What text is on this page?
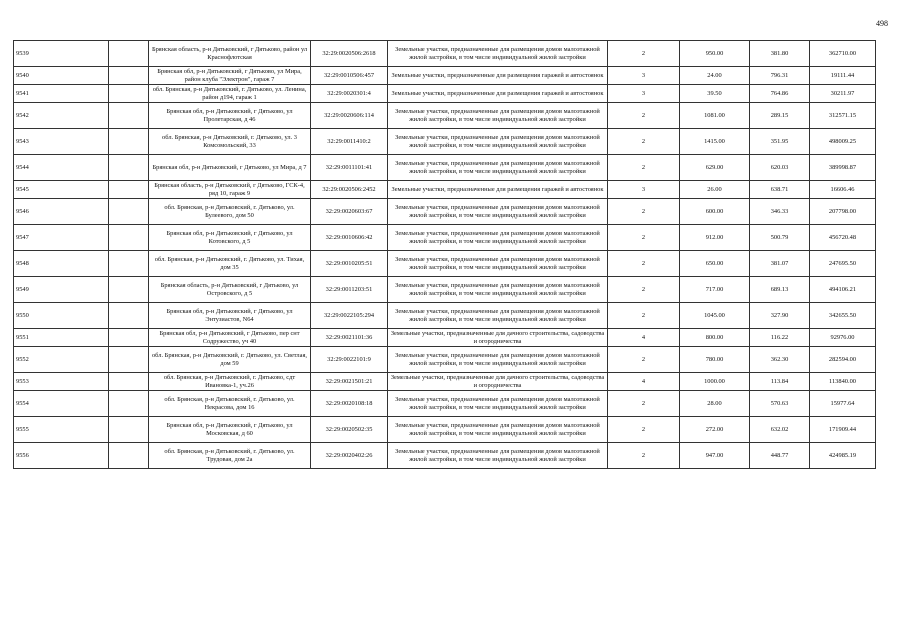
498
9539		Брянская область, р-н Дятьковский, г Дятьково, район ул Краснофлотская	32:29:0020506:2618	Земельные участки, предназначенные для размещения домов малоэтажной жилой застройки, в том числе индивидуальной жилой застройки	2	950.00	381.80	362710.00
9540		Брянская обл, р-н Дятьковский, г Дятьково, ул Мира, район клуба "Электрон", гараж 7	32:29:0010506:457	Земельные участки, предназначенные для размещения гаражей и автостоянок	3	24.00	796.31	19111.44
9541		обл. Брянская, р-н Дятьковский, г. Дятьково, ул. Ленина, район д194, гараж 1	32:29:0020301:4	Земельные участки, предназначенные для размещения гаражей и автостоянок	3	39.50	764.86	30211.97
9542		Брянская обл, р-н Дятьковский, г Дятьково, ул Пролетарская, д 46	32:29:0020606:114	Земельные участки, предназначенные для размещения домов малоэтажной жилой застройки, в том числе индивидуальной жилой застройки	2	1081.00	289.15	312571.15
9543		обл. Брянская, р-н Дятьковский, г. Дятьково, ул. 3 Комсомольский, 33	32:29:0011410:2	Земельные участки, предназначенные для размещения домов малоэтажной жилой застройки, в том числе индивидуальной жилой застройки	2	1415.00	351.95	498009.25
9544		Брянская обл, р-н Дятьковский, г Дятьково, ул Мира, д 7	32:29:0011101:41	Земельные участки, предназначенные для размещения домов малоэтажной жилой застройки, в том числе индивидуальной жилой застройки	2	629.00	620.03	389998.87
9545		Брянская область, р-н Дятьковский, г Дятьково, ГСК-4, ряд 10, гараж 9	32:29:0020506:2452	Земельные участки, предназначенные для размещения гаражей и автостоянок	3	26.00	638.71	16606.46
9546		обл. Брянская, р-н Дятьковский, г. Дятьково, ул. Булеевого, дом 50	32:29:0020603:67	Земельные участки, предназначенные для размещения домов малоэтажной жилой застройки, в том числе индивидуальной жилой застройки	2	600.00	346.33	207798.00
9547		Брянская обл, р-н Дятьковский, г Дятьково, ул Котовского, д 5	32:29:0010606:42	Земельные участки, предназначенные для размещения домов малоэтажной жилой застройки, в том числе индивидуальной жилой застройки	2	912.00	500.79	456720.48
9548		обл. Брянская, р-н Дятьковский, г. Дятьково, ул. Тихая, дом 35	32:29:0010205:51	Земельные участки, предназначенные для размещения домов малоэтажной жилой застройки, в том числе индивидуальной жилой застройки	2	650.00	381.07	247695.50
9549		Брянская область, р-н Дятьковский, г Дятьково, ул Островского, д 5	32:29:0011203:51	Земельные участки, предназначенные для размещения домов малоэтажной жилой застройки, в том числе индивидуальной жилой застройки	2	717.00	689.13	494106.21
9550		Брянская обл, р-н Дятьковский, г Дятьково, ул Энтузиастов, N64	32:29:0022105:294	Земельные участки, предназначенные для размещения домов малоэтажной жилой застройки, в том числе индивидуальной жилой застройки	2	1045.00	327.90	342655.50
9551		Брянская обл, р-н Дятьковский, г Дятьково, пер снт Содружество, уч 40	32:29:0021101:36	Земельные участки, предназначенные для дачного строительства, садоводства и огородничества	4	800.00	116.22	92976.00
9552		обл. Брянская, р-н Дятьковский, г. Дятьково, ул. Светлая, дом 59	32:29:0022101:9	Земельные участки, предназначенные для размещения домов малоэтажной жилой застройки, в том числе индивидуальной жилой застройки	2	780.00	362.30	282594.00
9553		обл. Брянская, р-н Дятьковский, г. Дятьково, сдт Ивановка-1, уч.26	32:29:0021501:21	Земельные участки, предназначенные для дачного строительства, садоводства и огородничества	4	1000.00	113.84	113840.00
9554		обл. Брянская, р-н Дятьковский, г. Дятьково, ул. Некрасова, дом 16	32:29:0020108:18	Земельные участки, предназначенные для размещения домов малоэтажной жилой застройки, в том числе индивидуальной жилой застройки	2	28.00	570.63	15977.64
9555		Брянская обл, р-н Дятьковский, г Дятьково, ул Московская, д 60	32:29:0020502:35	Земельные участки, предназначенные для размещения домов малоэтажной жилой застройки, в том числе индивидуальной жилой застройки	2	272.00	632.02	171909.44
9556		обл. Брянская, р-н Дятьковский, г. Дятьково, ул. Трудовая, дом 2а	32:29:0020402:26	Земельные участки, предназначенные для размещения домов малоэтажной жилой застройки, в том числе индивидуальной жилой застройки	2	947.00	448.77	424985.19
